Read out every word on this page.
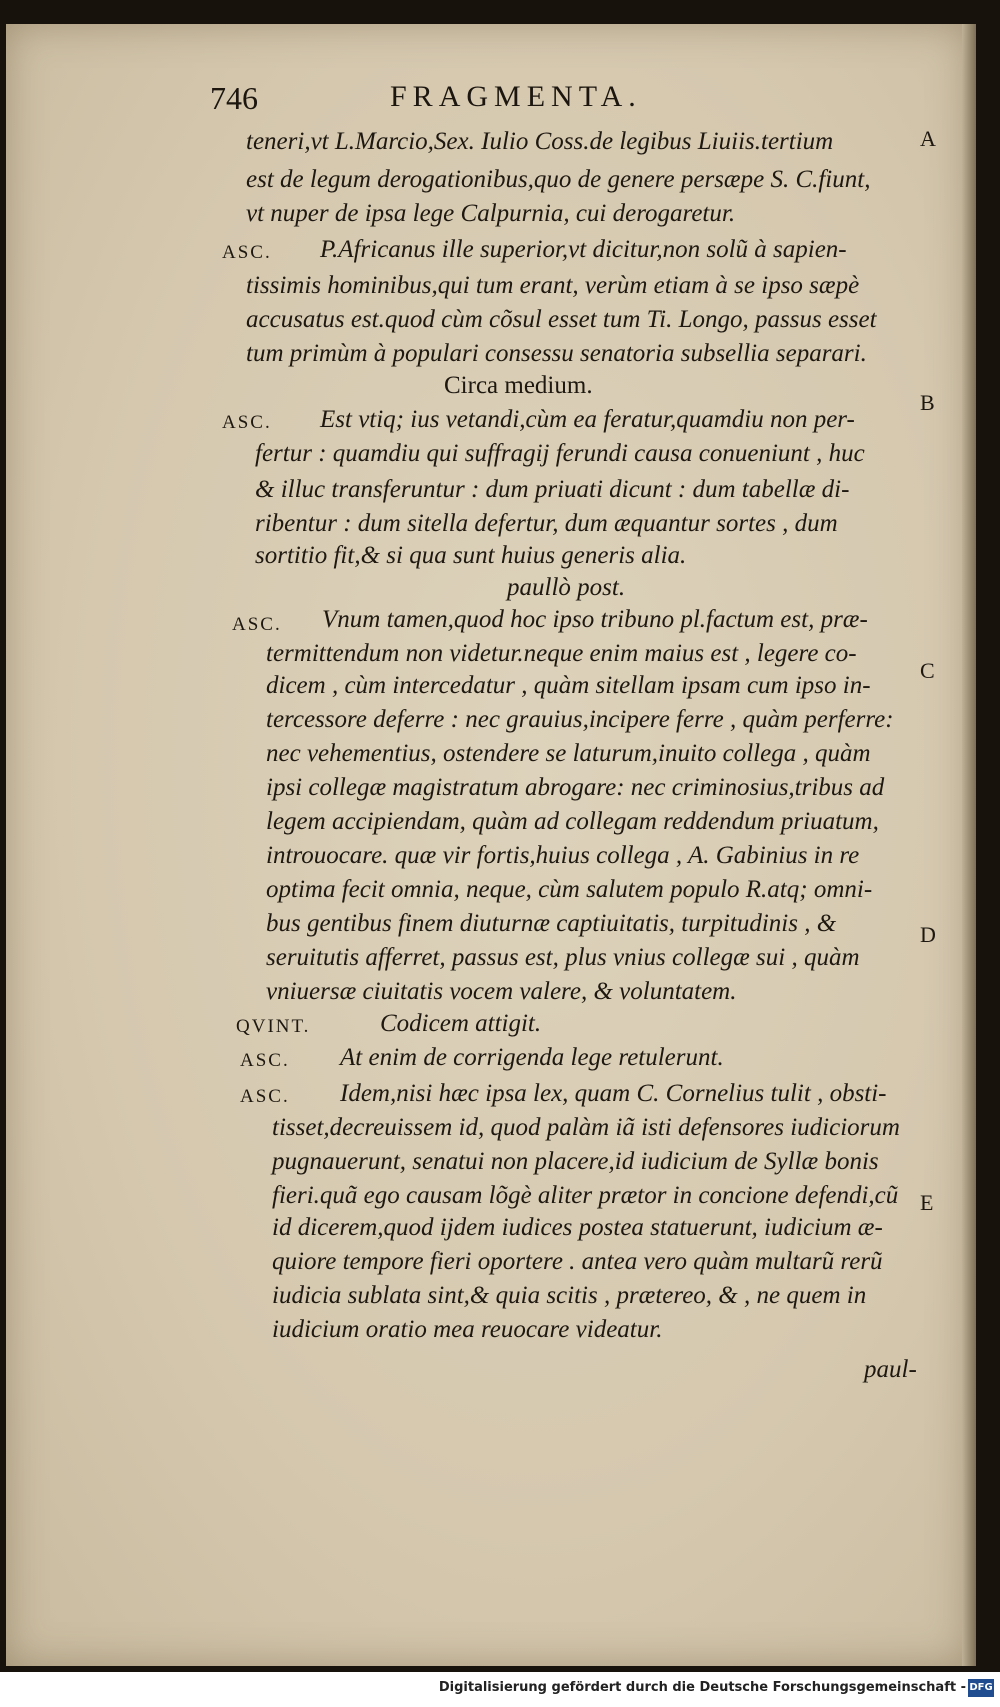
746	FRAGMENTA.
A
B
C
D
E
teneri,vt L.Marcio,Sex. Iulio Coss.de legibus Liuiis.tertium
est de legum derogationibus,quo de genere persæpe S. C.fiunt,
vt nuper de ipsa lege Calpurnia, cui derogaretur.
ASC. P.Africanus ille superior,vt dicitur,non solũ à sapien-
tissimis hominibus,qui tum erant, verùm etiam à se ipso sæpè
accusatus est.quod cùm cõsul esset tum Ti. Longo, passus esset
tum primùm à populari consessu senatoria subsellia separari.
Circa medium.
ASC. Est vtiq; ius vetandi,cùm ea feratur,quamdiu non per-
fertur : quamdiu qui suffragij ferundi causa conueniunt , huc
& illuc transferuntur : dum priuati dicunt : dum tabellæ di-
ribentur : dum sitella defertur, dum æquantur sortes , dum
sortitio fit,& si qua sunt huius generis alia.
paullò post.
ASC. Vnum tamen,quod hoc ipso tribuno pl.factum est, præ-
termittendum non videtur.neque enim maius est , legere co-
dicem , cùm intercedatur , quàm sitellam ipsam cum ipso in-
tercessore deferre : nec grauius,incipere ferre , quàm perferre:
nec vehementius, ostendere se laturum,inuito collega , quàm
ipsi collegæ magistratum abrogare: nec criminosius,tribus ad
legem accipiendam, quàm ad collegam reddendum priuatum,
introuocare. quæ vir fortis,huius collega , A. Gabinius in re
optima fecit omnia, neque, cùm salutem populo R.atq; omni-
bus gentibus finem diuturnæ captiuitatis, turpitudinis , &
seruitutis afferret, passus est, plus vnius collegæ sui , quàm
vniuersæ ciuitatis vocem valere, & voluntatem.
QVINT.	Codicem attigit.
ASC. At enim de corrigenda lege retulerunt.
ASC. Idem,nisi hæc ipsa lex, quam C. Cornelius tulit , obsti-
tisset,decreuissem id, quod palàm iã isti defensores iudiciorum
pugnauerunt, senatui non placere,id iudicium de Syllæ bonis
fieri.quã ego causam lõgè aliter prætor in concione defendi,cũ
id dicerem,quod ijdem iudices postea statuerunt, iudicium æ-
quiore tempore fieri oportere . antea vero quàm multarũ rerũ
iudicia sublata sint,& quia scitis , prætereo, & , ne quem in
iudicium oratio mea reuocare videatur.
paul-
Digitalisierung gefördert durch die Deutsche Forschungsgemeinschaft - DFG
